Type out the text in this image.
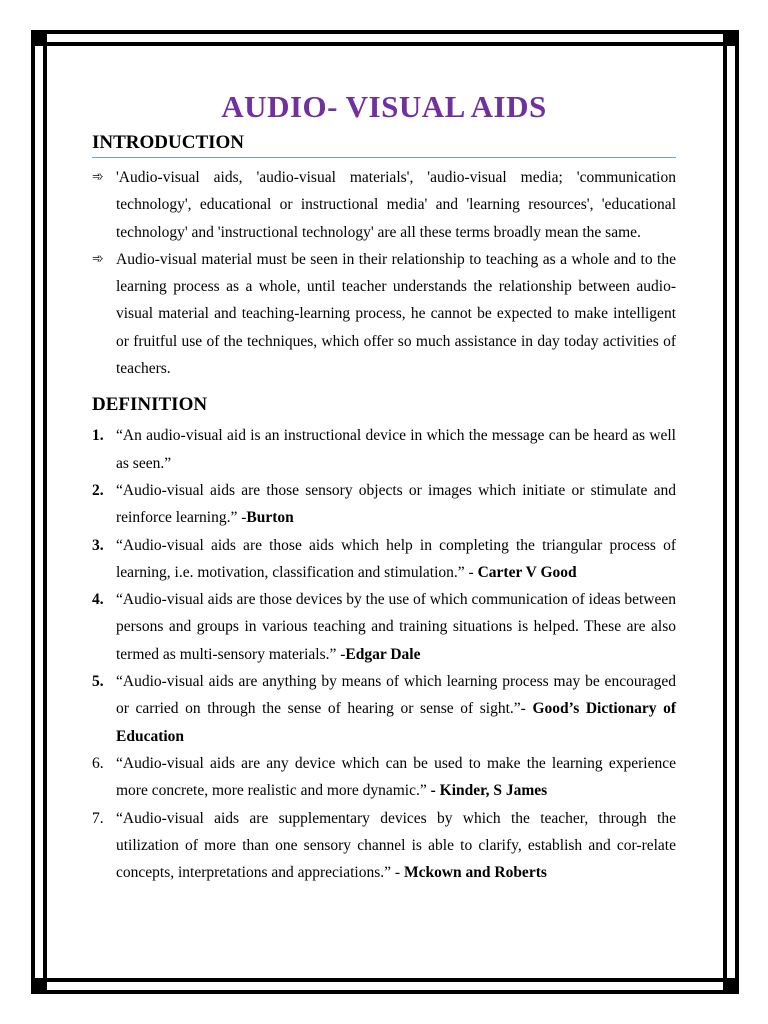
AUDIO- VISUAL AIDS
INTRODUCTION
➾ 'Audio-visual aids, 'audio-visual materials', 'audio-visual media; 'communication technology', educational or instructional media' and 'learning resources', 'educational technology' and 'instructional technology' are all these terms broadly mean the same.
➾ Audio-visual material must be seen in their relationship to teaching as a whole and to the learning process as a whole, until teacher understands the relationship between audio-visual material and teaching-learning process, he cannot be expected to make intelligent or fruitful use of the techniques, which offer so much assistance in day today activities of teachers.
DEFINITION
1. “An audio-visual aid is an instructional device in which the message can be heard as well as seen.”
2. “Audio-visual aids are those sensory objects or images which initiate or stimulate and reinforce learning.” -Burton
3. “Audio-visual aids are those aids which help in completing the triangular process of learning, i.e. motivation, classification and stimulation.” - Carter V Good
4. “Audio-visual aids are those devices by the use of which communication of ideas between persons and groups in various teaching and training situations is helped. These are also termed as multi-sensory materials.” -Edgar Dale
5. “Audio-visual aids are anything by means of which learning process may be encouraged or carried on through the sense of hearing or sense of sight.”- Good’s Dictionary of Education
6. “Audio-visual aids are any device which can be used to make the learning experience more concrete, more realistic and more dynamic.” - Kinder, S James
7. “Audio-visual aids are supplementary devices by which the teacher, through the utilization of more than one sensory channel is able to clarify, establish and cor-relate concepts, interpretations and appreciations.” - Mckown and Roberts
